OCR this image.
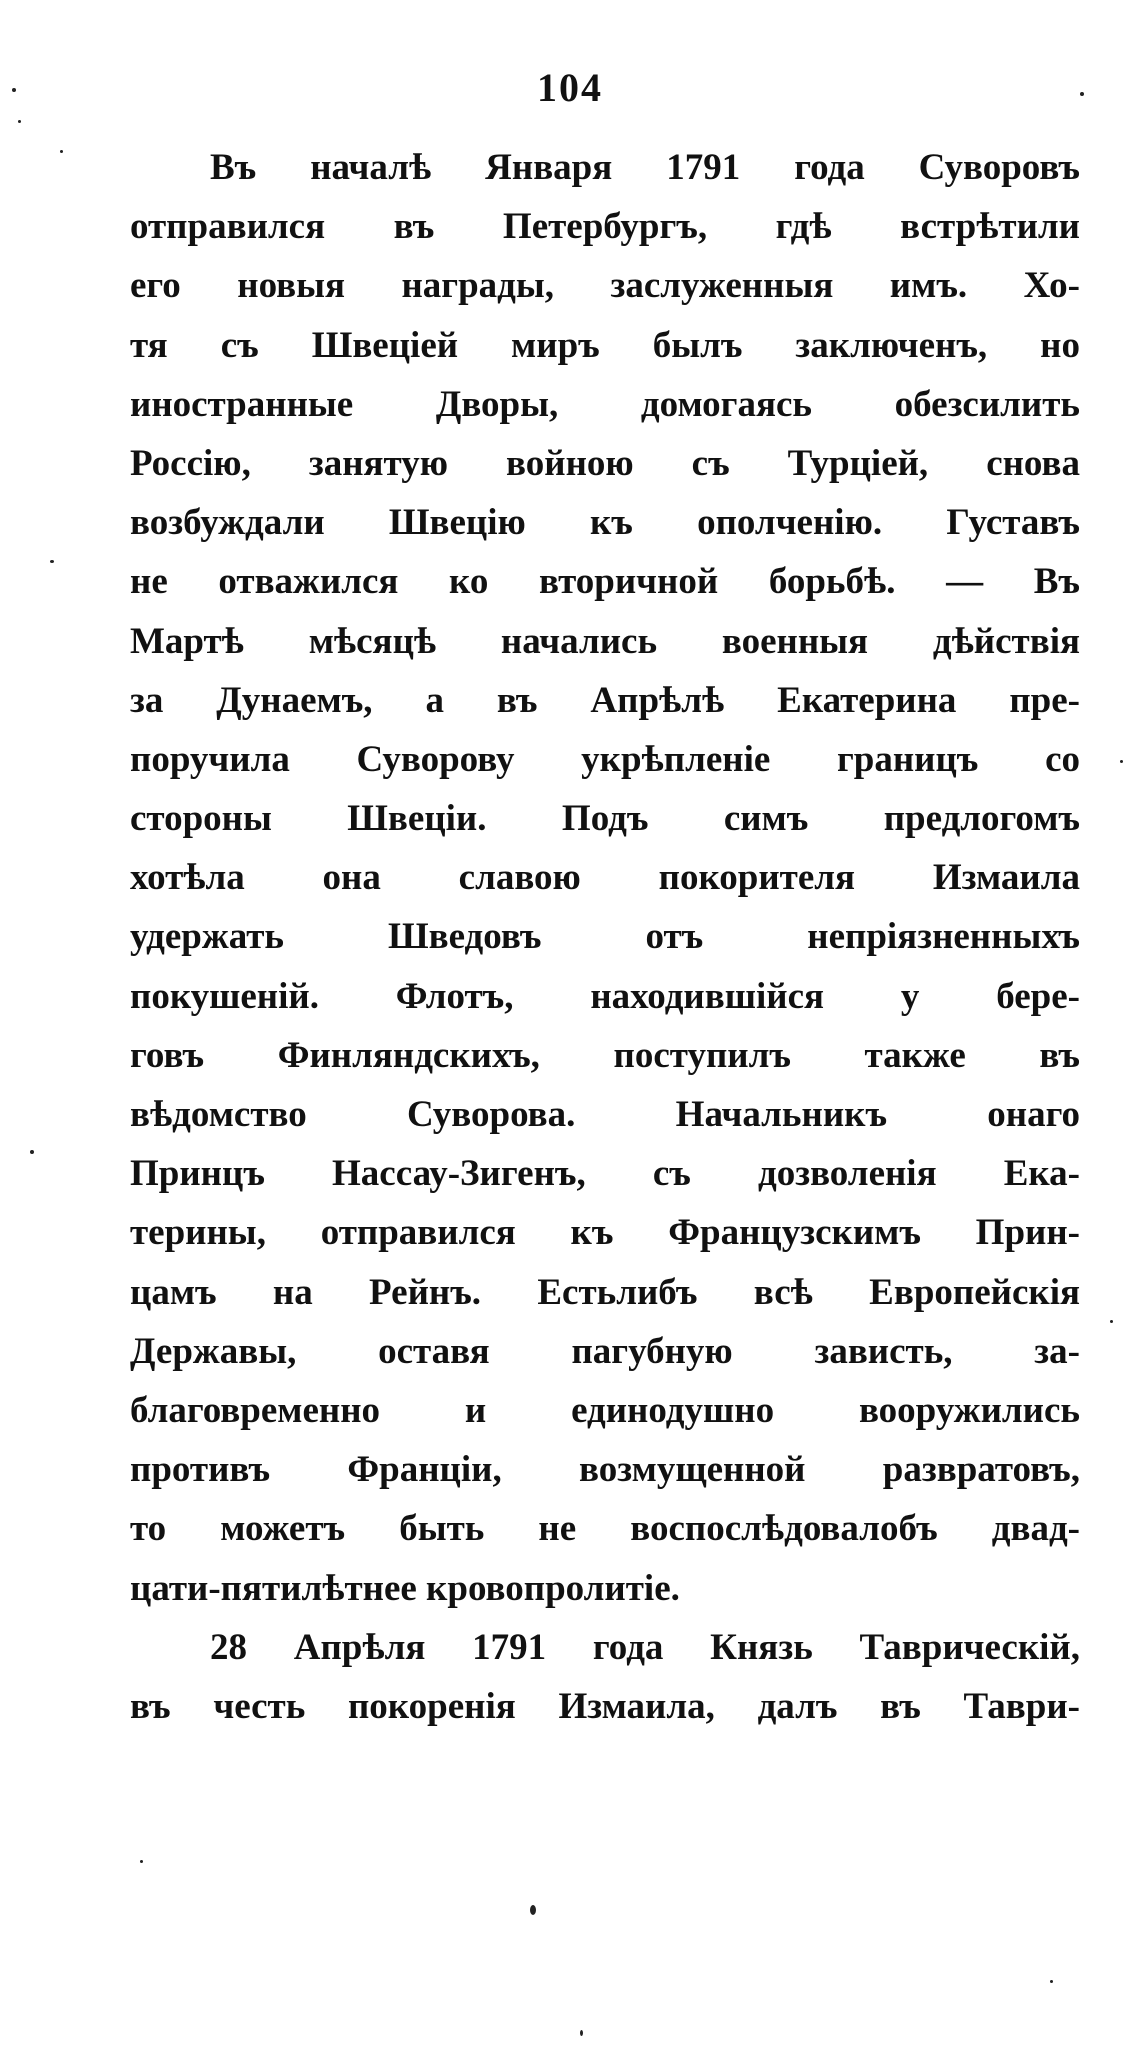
104
Въ началѣ Января 1791 года Суворовъ
отправился въ Петербургъ, гдѣ встрѣтили
его новыя награды, заслуженныя имъ. Хо-
тя съ Швецiей миръ былъ заключенъ, но
иностранные Дворы, домогаясь обезсилить
Россiю, занятую войною съ Турцiей, снова
возбуждали Швецiю къ ополченiю. Густавъ
не отважился ко вторичной борьбѣ. — Въ
Мартѣ мѣсяцѣ начались военныя дѣйствiя
за Дунаемъ, а въ Апрѣлѣ Екатерина пре-
поручила Суворову укрѣпленiе границъ со
стороны Швецiи. Подъ симъ предлогомъ
хотѣла она славою покорителя Измаила
удержать Шведовъ отъ непрiязненныхъ
покушенiй. Флотъ, находившiйся у бере-
говъ Финляндскихъ, поступилъ также въ
вѣдомство Суворова. Начальникъ онаго
Принцъ Нассау-Зигенъ, съ дозволенiя Ека-
терины, отправился къ Французскимъ Прин-
цамъ на Рейнъ. Естьлибъ всѣ Европейскiя
Державы, оставя пагубную зависть, за-
благовременно и единодушно вооружились
противъ Францiи, возмущенной развратовъ,
то можетъ быть не воспослѣдовалобъ двад-
цати-пятилѣтнее кровопролитiе.
28 Апрѣля 1791 года Князь Таврическiй,
въ честь покоренiя Измаила, далъ въ Таври-
